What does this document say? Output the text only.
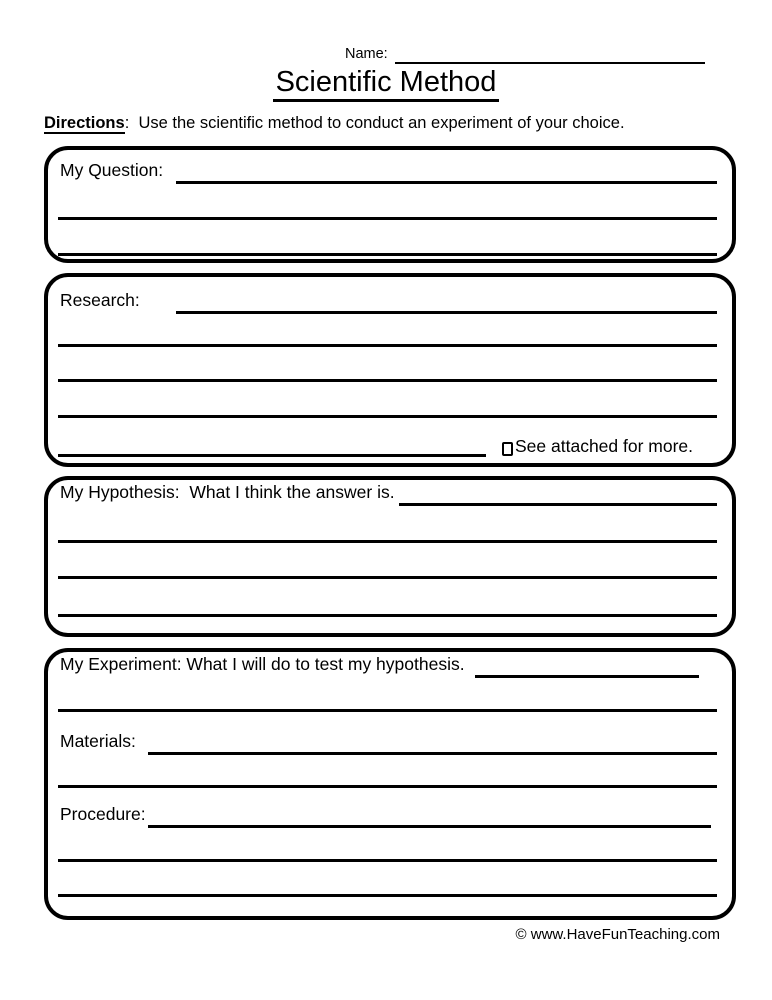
Name:
Scientific Method
Directions:  Use the scientific method to conduct an experiment of your choice.
My Question:
Research:
See attached for more.
My Hypothesis:  What I think the answer is.
My Experiment: What I will do to test my hypothesis.
Materials:
Procedure:
© www.HaveFunTeaching.com
